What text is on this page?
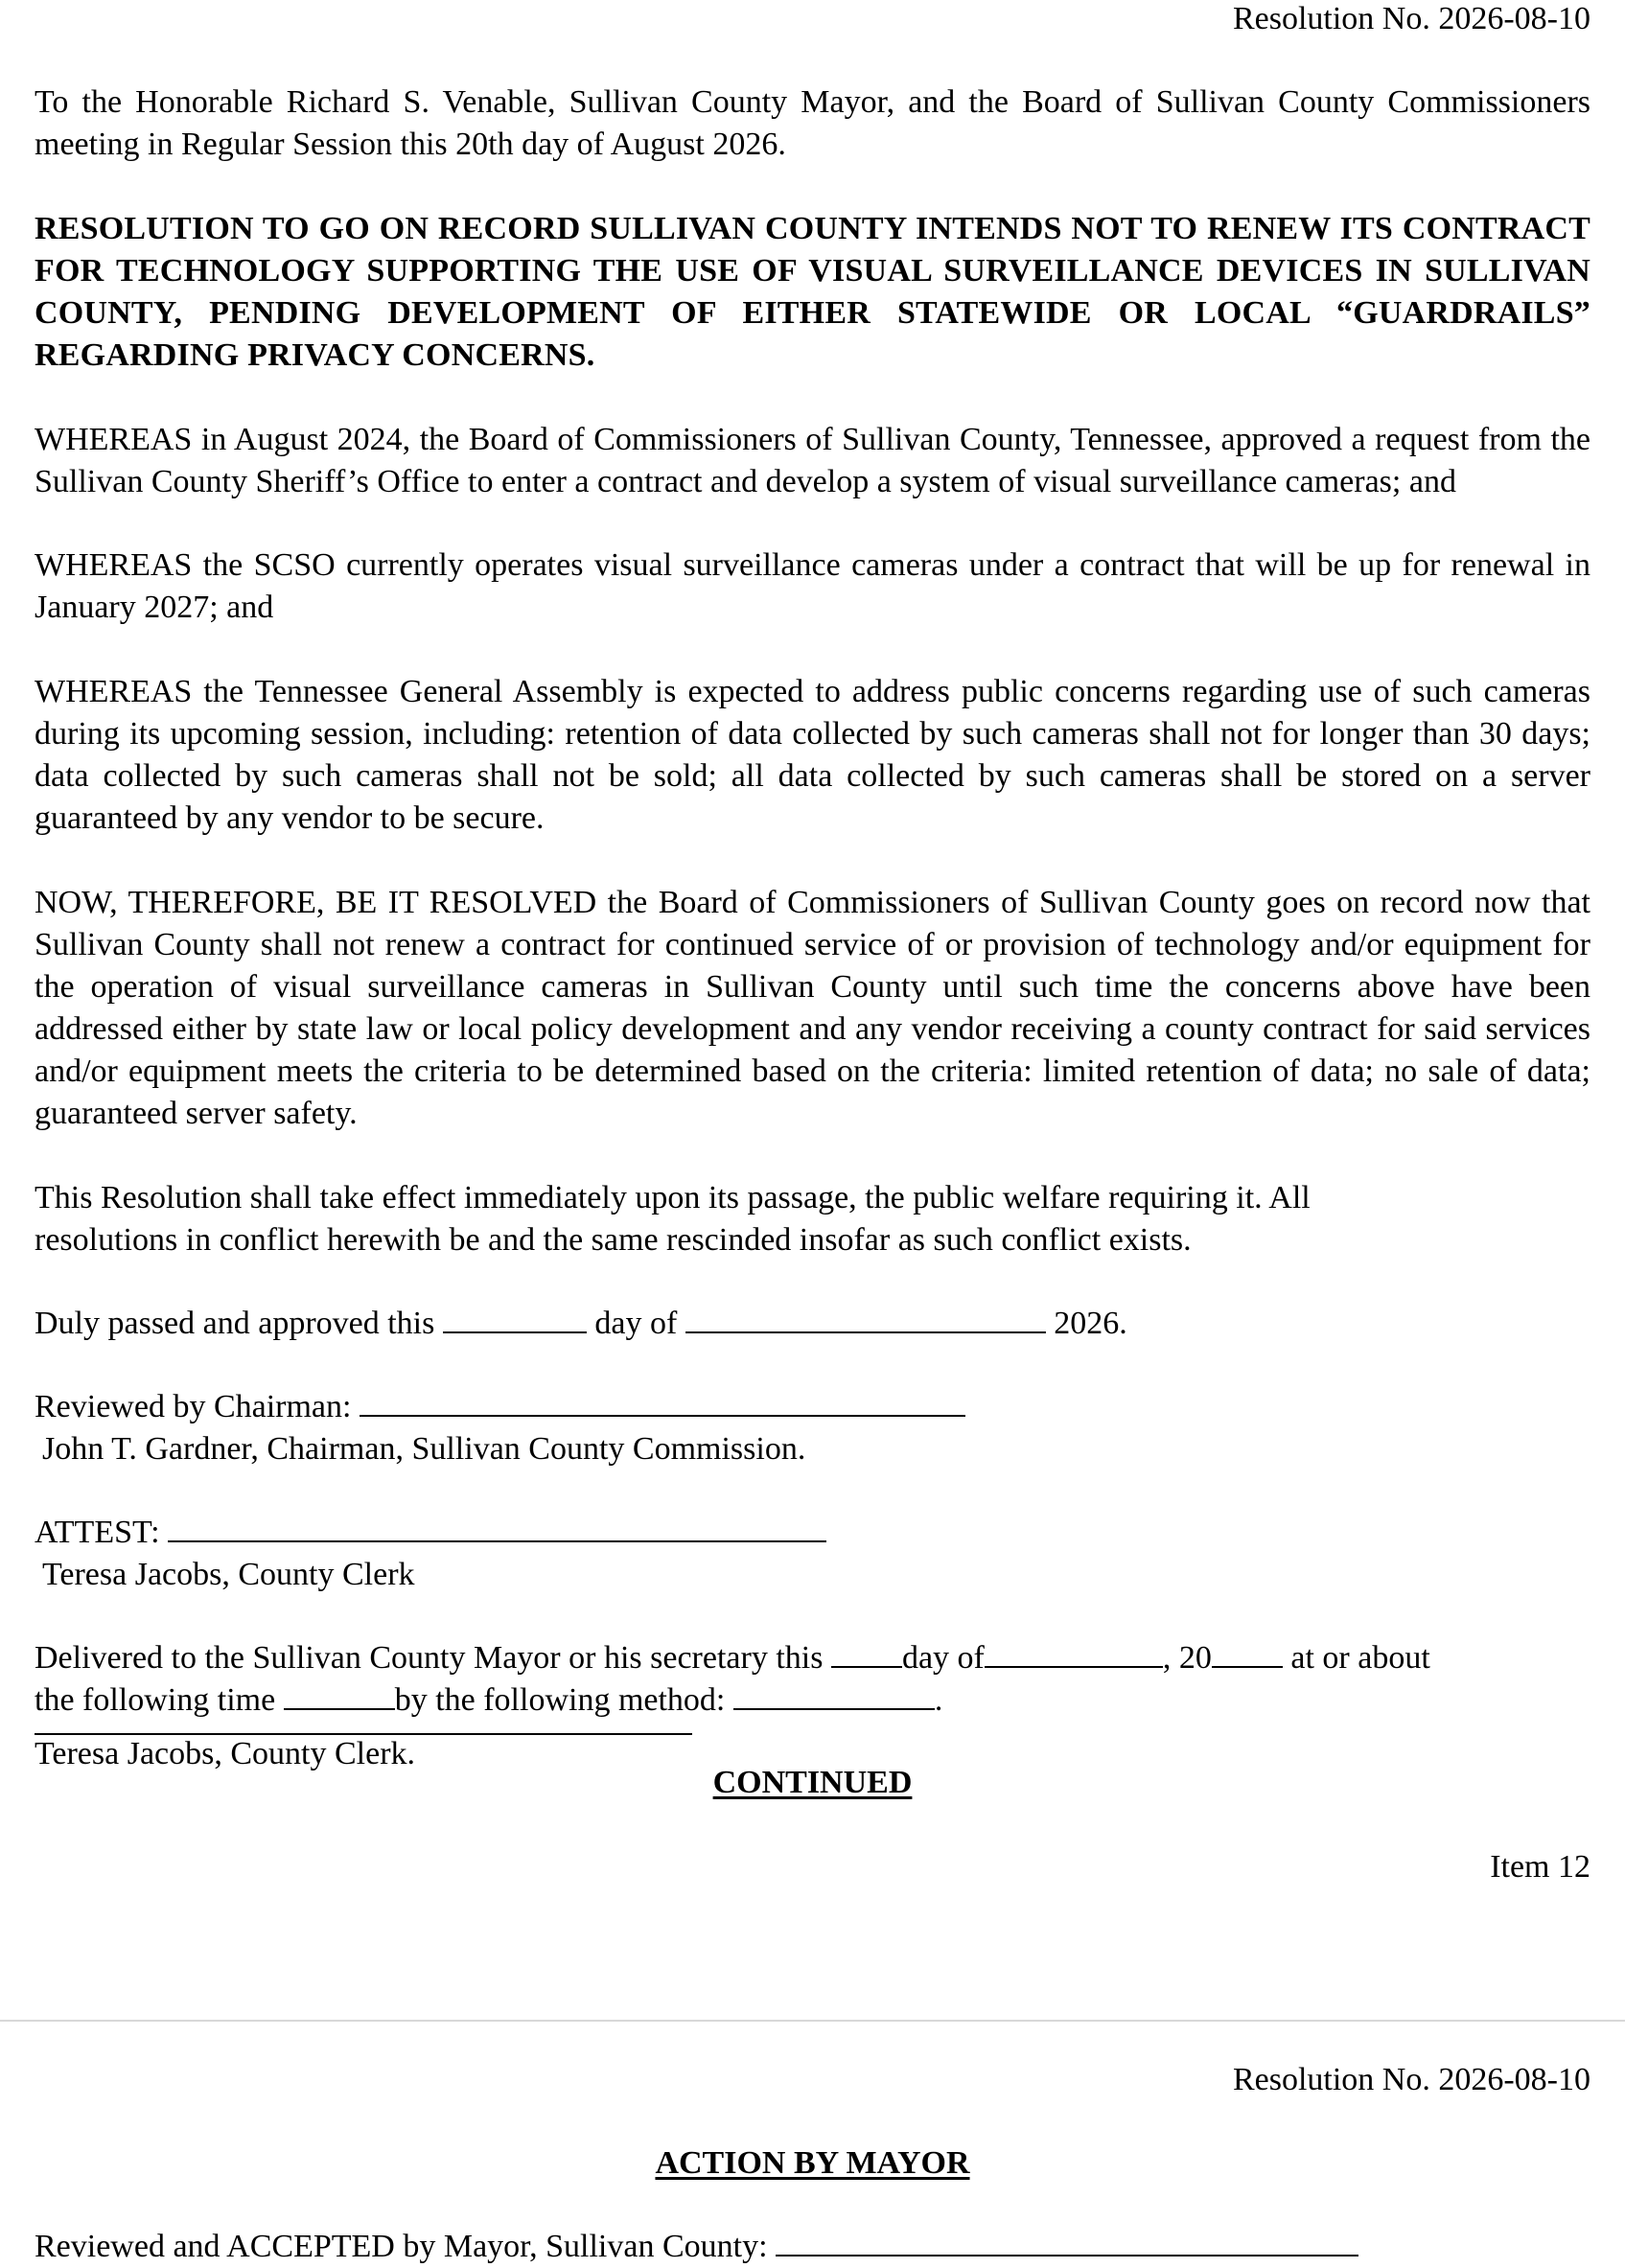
Resolution No. 2026-08-10

To the Honorable Richard S. Venable, Sullivan County Mayor, and the Board of Sullivan County Commissioners meeting in Regular Session this 20th day of August 2026.

RESOLUTION TO GO ON RECORD SULLIVAN COUNTY INTENDS NOT TO RENEW ITS CONTRACT FOR TECHNOLOGY SUPPORTING THE USE OF VISUAL SURVEILLANCE DEVICES IN SULLIVAN COUNTY, PENDING DEVELOPMENT OF EITHER STATEWIDE OR LOCAL “GUARDRAILS” REGARDING PRIVACY CONCERNS.

WHEREAS in August 2024, the Board of Commissioners of Sullivan County, Tennessee, approved a request from the Sullivan County Sheriff’s Office to enter a contract and develop a system of visual surveillance cameras; and

WHEREAS the SCSO currently operates visual surveillance cameras under a contract that will be up for renewal in January 2027; and

WHEREAS the Tennessee General Assembly is expected to address public concerns regarding use of such cameras during its upcoming session, including: retention of data collected by such cameras shall not for longer than 30 days; data collected by such cameras shall not be sold; all data collected by such cameras shall be stored on a server guaranteed by any vendor to be secure.

NOW, THEREFORE, BE IT RESOLVED the Board of Commissioners of Sullivan County goes on record now that Sullivan County shall not renew a contract for continued service of or provision of technology and/or equipment for the operation of visual surveillance cameras in Sullivan County until such time the concerns above have been addressed either by state law or local policy development and any vendor receiving a county contract for said services and/or equipment meets the criteria to be determined based on the criteria: limited retention of data; no sale of data; guaranteed server safety.

This Resolution shall take effect immediately upon its passage, the public welfare requiring it. All
resolutions in conflict herewith be and the same rescinded insofar as such conflict exists.

Duly passed and approved this	day of	2026.

Reviewed by Chairman:
John T. Gardner, Chairman, Sullivan County Commission.
ATTEST:
Teresa Jacobs, County Clerk
Delivered to the Sullivan County Mayor or his secretary this day of	, 20 at or about
the following time	by the following method:	.
Teresa Jacobs, County Clerk.

CONTINUED

Item 12

Resolution No. 2026-08-10

ACTION BY MAYOR

Reviewed and ACCEPTED by Mayor, Sullivan County:
